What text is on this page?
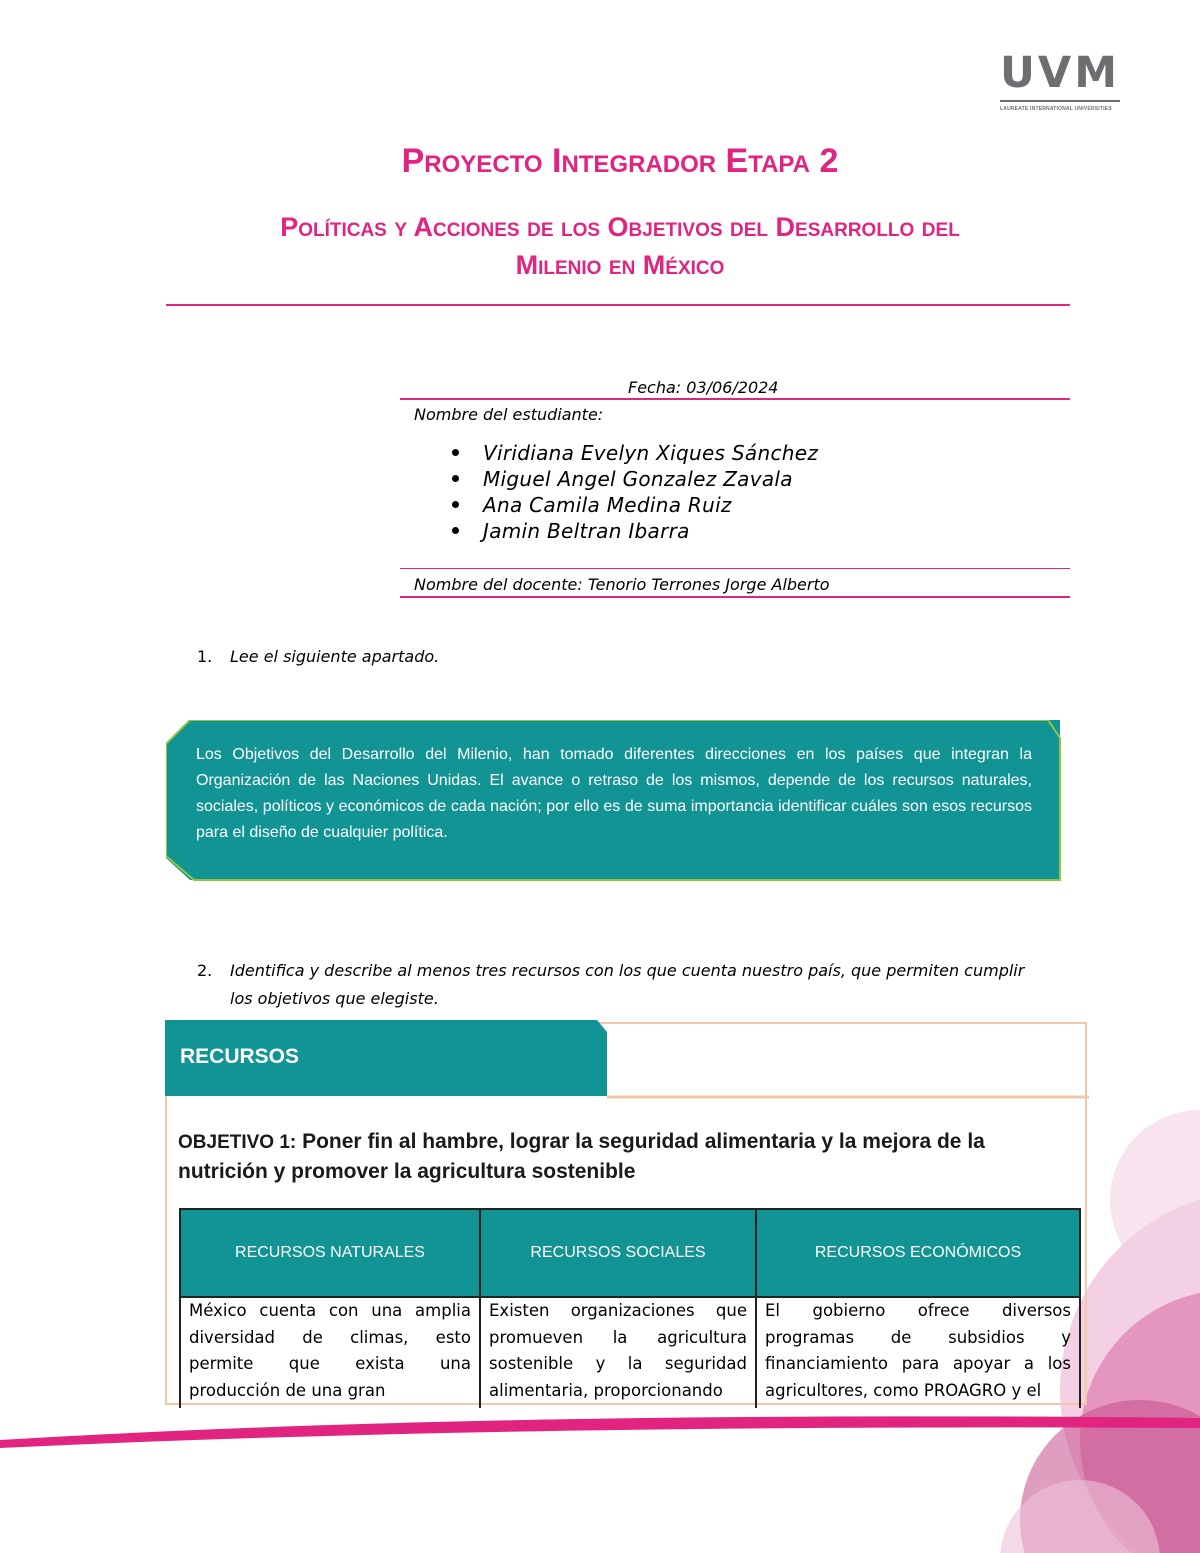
UVM
LAUREATE INTERNATIONAL UNIVERSITIES
Proyecto Integrador Etapa 2
Políticas y Acciones de los Objetivos del Desarrollo del
Milenio en México
Fecha: 03/06/2024
Nombre del estudiante:
Viridiana Evelyn Xiques Sánchez
Miguel Angel Gonzalez Zavala
Ana Camila Medina Ruiz
Jamin Beltran Ibarra
Nombre del docente: Tenorio Terrones Jorge Alberto
1. Lee el siguiente apartado.
Los Objetivos del Desarrollo del Milenio, han tomado diferentes direcciones en los países que integran la Organización de las Naciones Unidas. El avance o retraso de los mismos, depende de los recursos naturales, sociales, políticos y económicos de cada nación; por ello es de suma importancia identificar cuáles son esos recursos para el diseño de cualquier política.
2. Identifica y describe al menos tres recursos con los que cuenta nuestro país, que permiten cumplir
los objetivos que elegiste.
RECURSOS
OBJETIVO 1: Poner fin al hambre, lograr la seguridad alimentaria y la mejora de la nutrición y promover la agricultura sostenible
RECURSOS NATURALES	RECURSOS SOCIALES	RECURSOS ECONÓMICOS
México cuenta con una amplia diversidad de climas, esto permite que exista una producción de una gran	Existen organizaciones que promueven la agricultura sostenible y la seguridad alimentaria, proporcionando	El gobierno ofrece diversos programas de subsidios y financiamiento para apoyar a los agricultores, como PROAGRO y el
